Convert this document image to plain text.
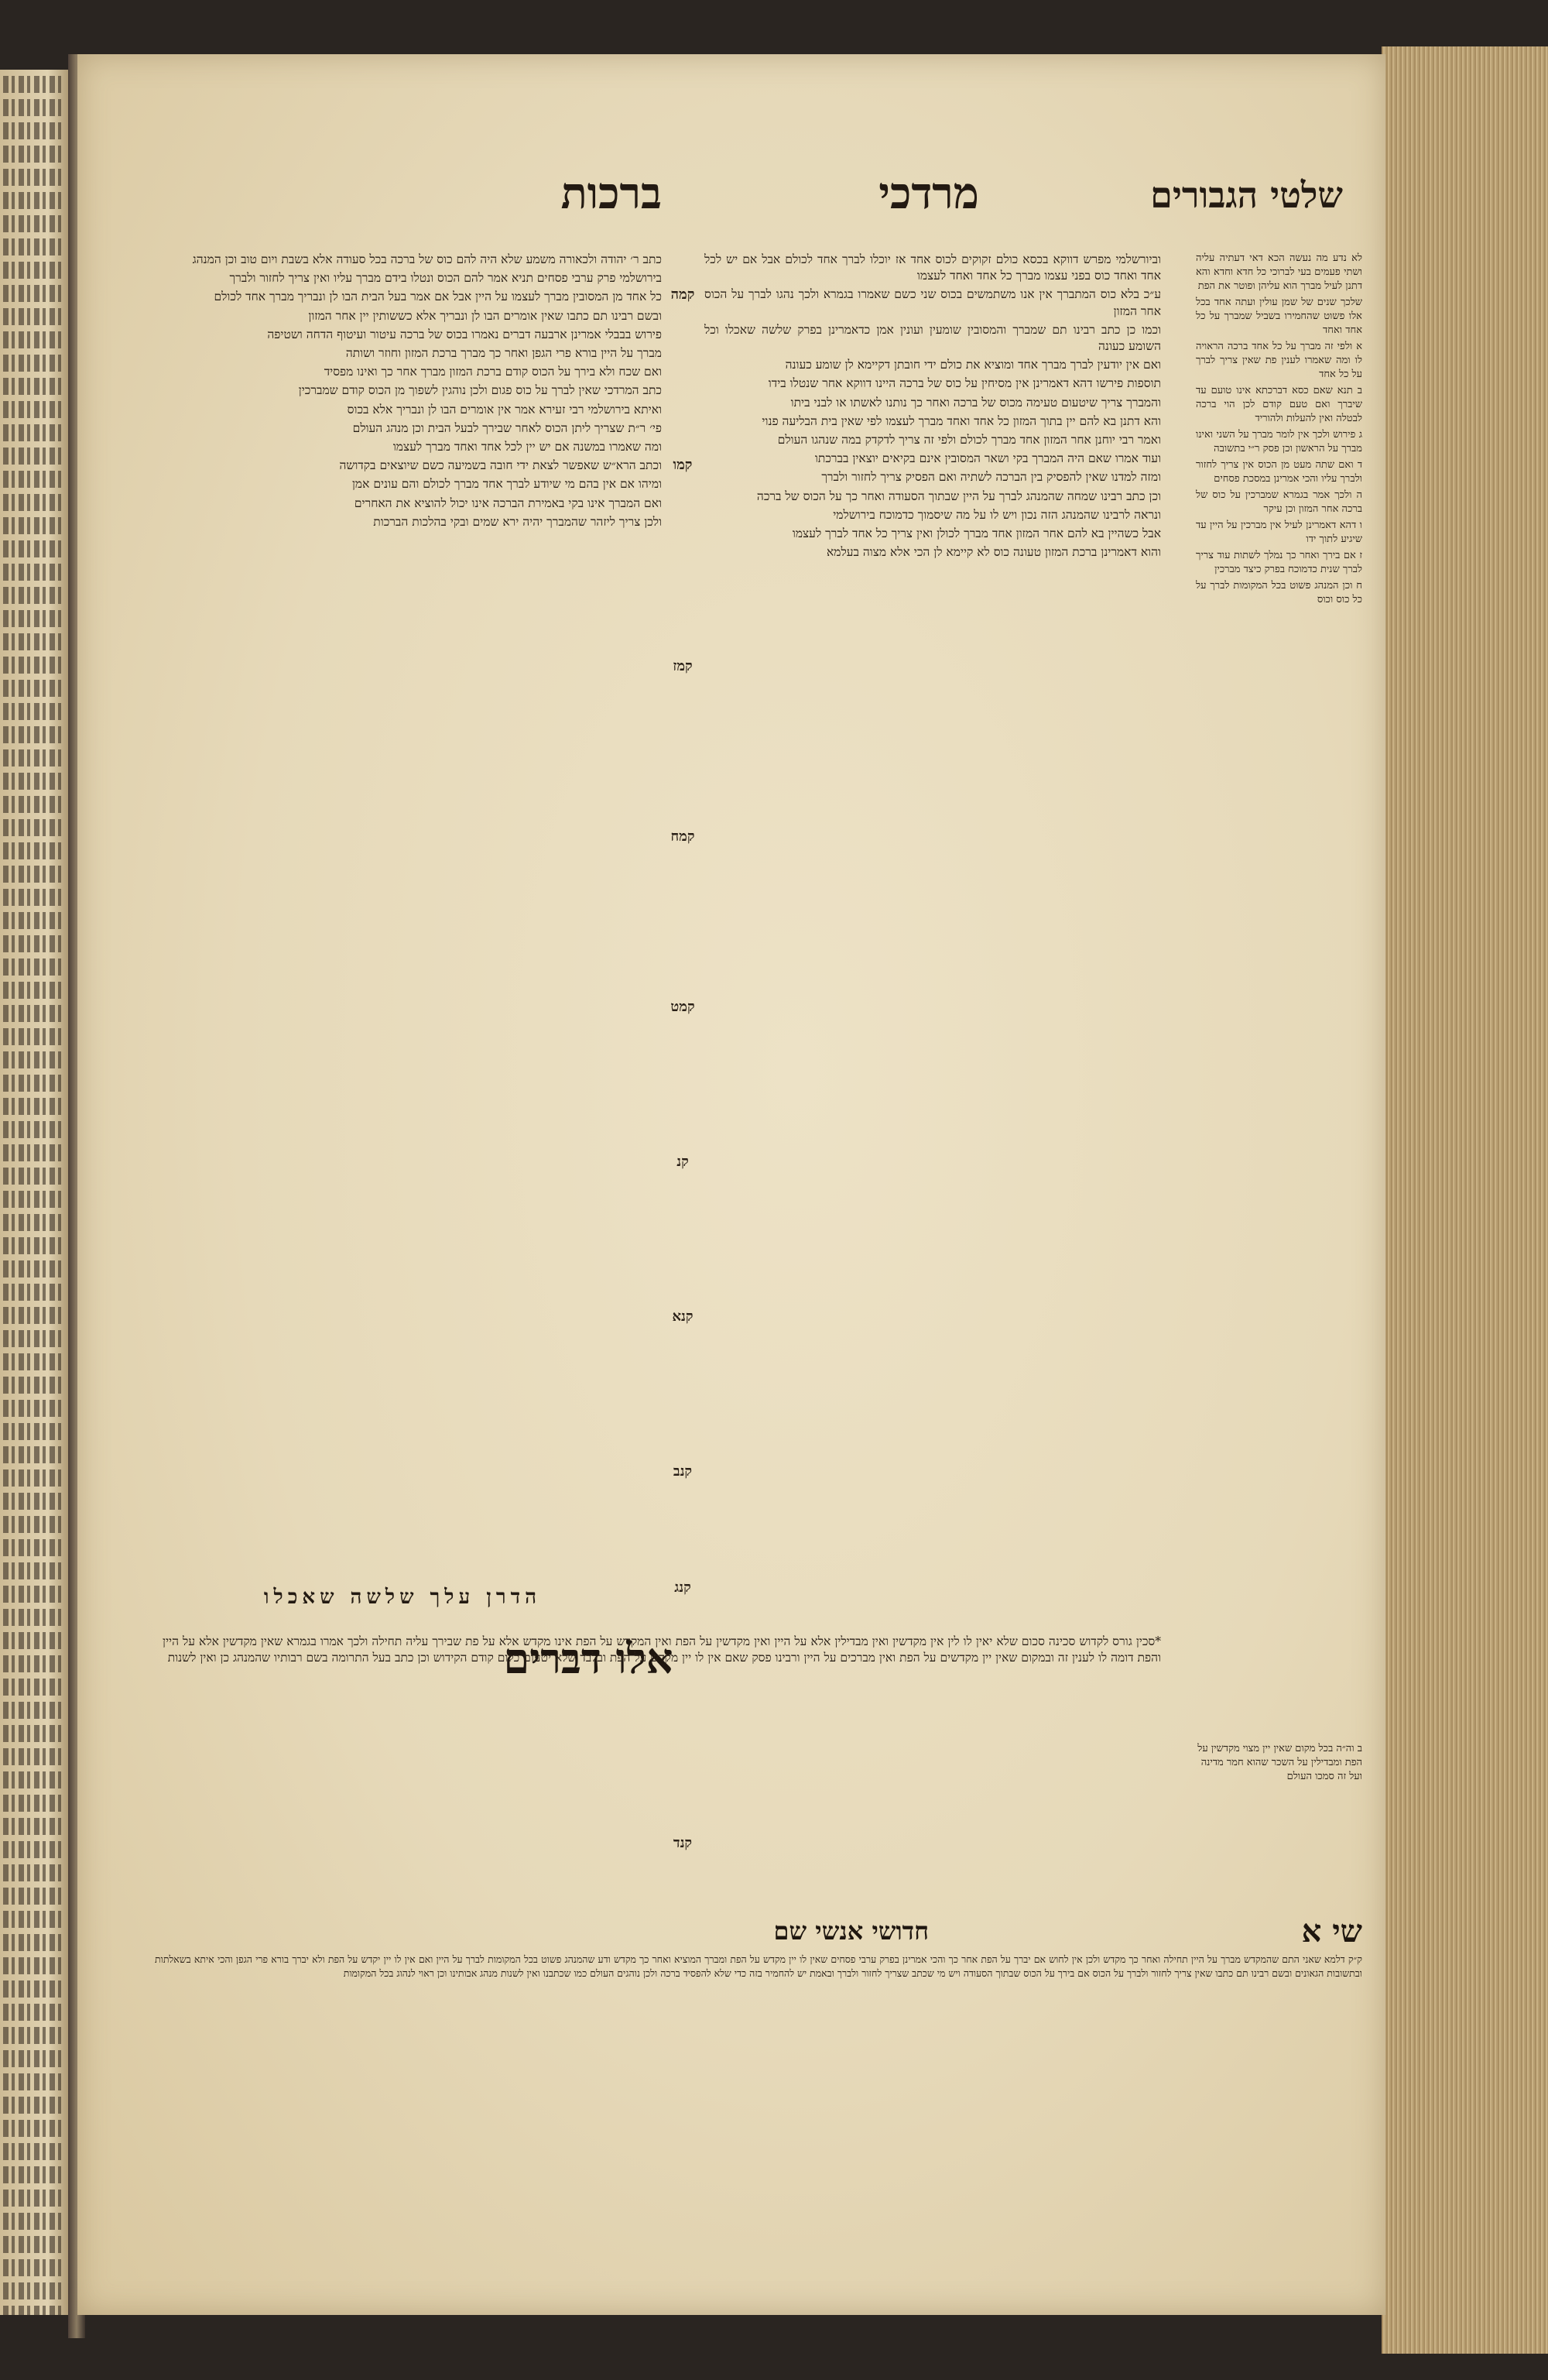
שלטי הגבורים
מרדכי
ברכות

לא נדע מה נעשה הכא דאי דעתיה עליה ושתי פעמים בעי לברוכי כל חדא וחדא והא דתנן לעיל מברך הוא עליהן ופוטר את הפת

שלכך שנים של שמן עולין ועתה אחד בכל אלו פשוט שהחמירו בשביל שמברך על כל אחד ואחד

א ולפי זה מברך על כל אחד ברכה הראויה לו ומה שאמרו לענין פת שאין צריך לברך על כל אחד

ב תנא שאם כסא דברכתא אינו טועם עד שיברך ואם טעם קודם לכן הוי ברכה לבטלה ואין להעלות ולהוריד

ג פירוש ולכך אין לומר מברך על השני ואינו מברך על הראשון וכן פסק ר״י בתשובה

ד ואם שתה מעט מן הכוס אין צריך לחזור ולברך עליו והכי אמרינן במסכת פסחים

ה ולכך אמר בגמרא שמברכין על כוס של ברכה אחר המזון וכן עיקר

ו דהא דאמרינן לעיל אין מברכין על היין עד שיגיע לתוך ידו

ז אם בירך ואחר כך נמלך לשתות עוד צריך לברך שנית כדמוכח בפרק כיצד מברכין

ח וכן המנהג פשוט בכל המקומות לברך על כל כוס וכוס

וביורשלמי מפרש דווקא בכסא כולם זקוקים לכוס אחד אז יוכלו לברך אחד לכולם אבל אם יש לכל אחד ואחד כוס בפני עצמו מברך כל אחד ואחד לעצמו

ע״כ בלא כוס המתברך אין אנו משתמשים בכוס שני כשם שאמרו בגמרא ולכך נהגו לברך על הכוס אחר המזון

וכמו כן כתב רבינו תם שמברך והמסובין שומעין ועונין אמן כדאמרינן בפרק שלשה שאכלו וכל השומע כעונה

ואם אין יודעין לברך מברך אחד ומוציא את כולם ידי חובתן דקיימא לן שומע כעונה

תוספות פירשו דהא דאמרינן אין מסיחין על כוס של ברכה היינו דווקא אחר שנטלו בידו

והמברך צריך שיטעום טעימה מכוס של ברכה ואחר כך נותנו לאשתו או לבני ביתו

והא דתנן בא להם יין בתוך המזון כל אחד ואחד מברך לעצמו לפי שאין בית הבליעה פנוי

ואמר רבי יוחנן אחר המזון אחד מברך לכולם ולפי זה צריך לדקדק במה שנהגו העולם

ועוד אמרו שאם היה המברך בקי ושאר המסובין אינם בקיאים יוצאין בברכתו

ומזה למדנו שאין להפסיק בין הברכה לשתיה ואם הפסיק צריך לחזור ולברך

וכן כתב רבינו שמחה שהמנהג לברך על היין שבתוך הסעודה ואחר כך על הכוס של ברכה

ונראה לרבינו שהמנהג הזה נכון ויש לו על מה שיסמוך כדמוכח בירושלמי

אבל כשהיין בא להם אחר המזון אחד מברך לכולן ואין צריך כל אחד לברך לעצמו

והוא דאמרינן ברכת המזון טעונה כוס לא קיימא לן הכי אלא מצוה בעלמא

קמה
קמו
קמז
קמח
קמט
קנ
קנא
קנב
קנג
קנד

כתב ר׳ יהודה ולכאורה משמע שלא היה להם כוס של ברכה בכל סעודה אלא בשבת ויום טוב וכן המנהג

בירושלמי פרק ערבי פסחים תניא אמר להם הכוס ונטלו בידם מברך עליו ואין צריך לחזור ולברך

כל אחד מן המסובין מברך לעצמו על היין אבל אם אמר בעל הבית הבו לן ונבריך מברך אחד לכולם

ובשם רבינו תם כתבו שאין אומרים הבו לן ונבריך אלא כששותין יין אחר המזון

פירוש בבבלי אמרינן ארבעה דברים נאמרו בכוס של ברכה עיטור ועיטוף הדחה ושטיפה

מברך על היין בורא פרי הגפן ואחר כך מברך ברכת המזון וחוזר ושותה

ואם שכח ולא בירך על הכוס קודם ברכת המזון מברך אחר כך ואינו מפסיד

כתב המרדכי שאין לברך על כוס פגום ולכן נוהגין לשפוך מן הכוס קודם שמברכין

ואיתא בירושלמי רבי זעירא אמר אין אומרים הבו לן ונבריך אלא בכוס

פי׳ ר״ת שצריך ליתן הכוס לאחר שבירך לבעל הבית וכן מנהג העולם

ומה שאמרו במשנה אם יש יין לכל אחד ואחד מברך לעצמו

וכתב הרא״ש שאפשר לצאת ידי חובה בשמיעה כשם שיוצאים בקדושה

ומיהו אם אין בהם מי שיודע לברך אחד מברך לכולם והם עונים אמן

ואם המברך אינו בקי באמירת הברכה אינו יכול להוציא את האחרים

ולכן צריך ליזהר שהמברך יהיה ירא שמים ובקי בהלכות הברכות

הדרן עלך שלשה שאכלו
אלו דברים

*סכין גורס לקדוש סכינה סכום שלא יאין לו לין אין מקדשין ואין מבדילין אלא על היין ואין מקדשין על הפת ואין המקדש על הפת אינו מקדש אלא על פת שבירך עליה תחילה ולכך אמרו בגמרא שאין מקדשין אלא על היין והפת דומה לו לענין זה ובמקום שאין יין מקדשים על הפת ואין מברכים על היין ורבינו פסק שאם אין לו יין מקדש על הפת ובלבד שלא יטעום כלום קודם הקידוש וכן כתב בעל התרומה בשם רבותיו שהמנהג כן ואין לשנות

ב וה״ה בכל מקום שאין יין מצוי מקדשין על הפת ומבדילין על השכר שהוא חמר מדינה ועל זה סמכו העולם

שי א
חדושי אנשי שם

ק״ק דלמא שאני התם שהמקדש מברך על היין תחילה ואחר כך מקדש ולכן אין לחוש אם יברך על הפת אחר כך והכי אמרינן בפרק ערבי פסחים שאין לו יין מקדש על הפת ומברך המוציא ואחר כך מקדש ודע שהמנהג פשוט בכל המקומות לברך על היין ואם אין לו יין יקדש על הפת ולא יברך בורא פרי הגפן והכי איתא בשאלתות ובתשובות הגאונים ובשם רבינו תם כתבו שאין צריך לחזור ולברך על הכוס אם בירך על הכוס שבתוך הסעודה ויש מי שכתב שצריך לחזור ולברך ובאמת יש להחמיר בזה כדי שלא להפסיד ברכה ולכן נוהגים העולם כמו שכתבנו ואין לשנות מנהג אבותינו וכן ראוי לנהוג בכל המקומות
